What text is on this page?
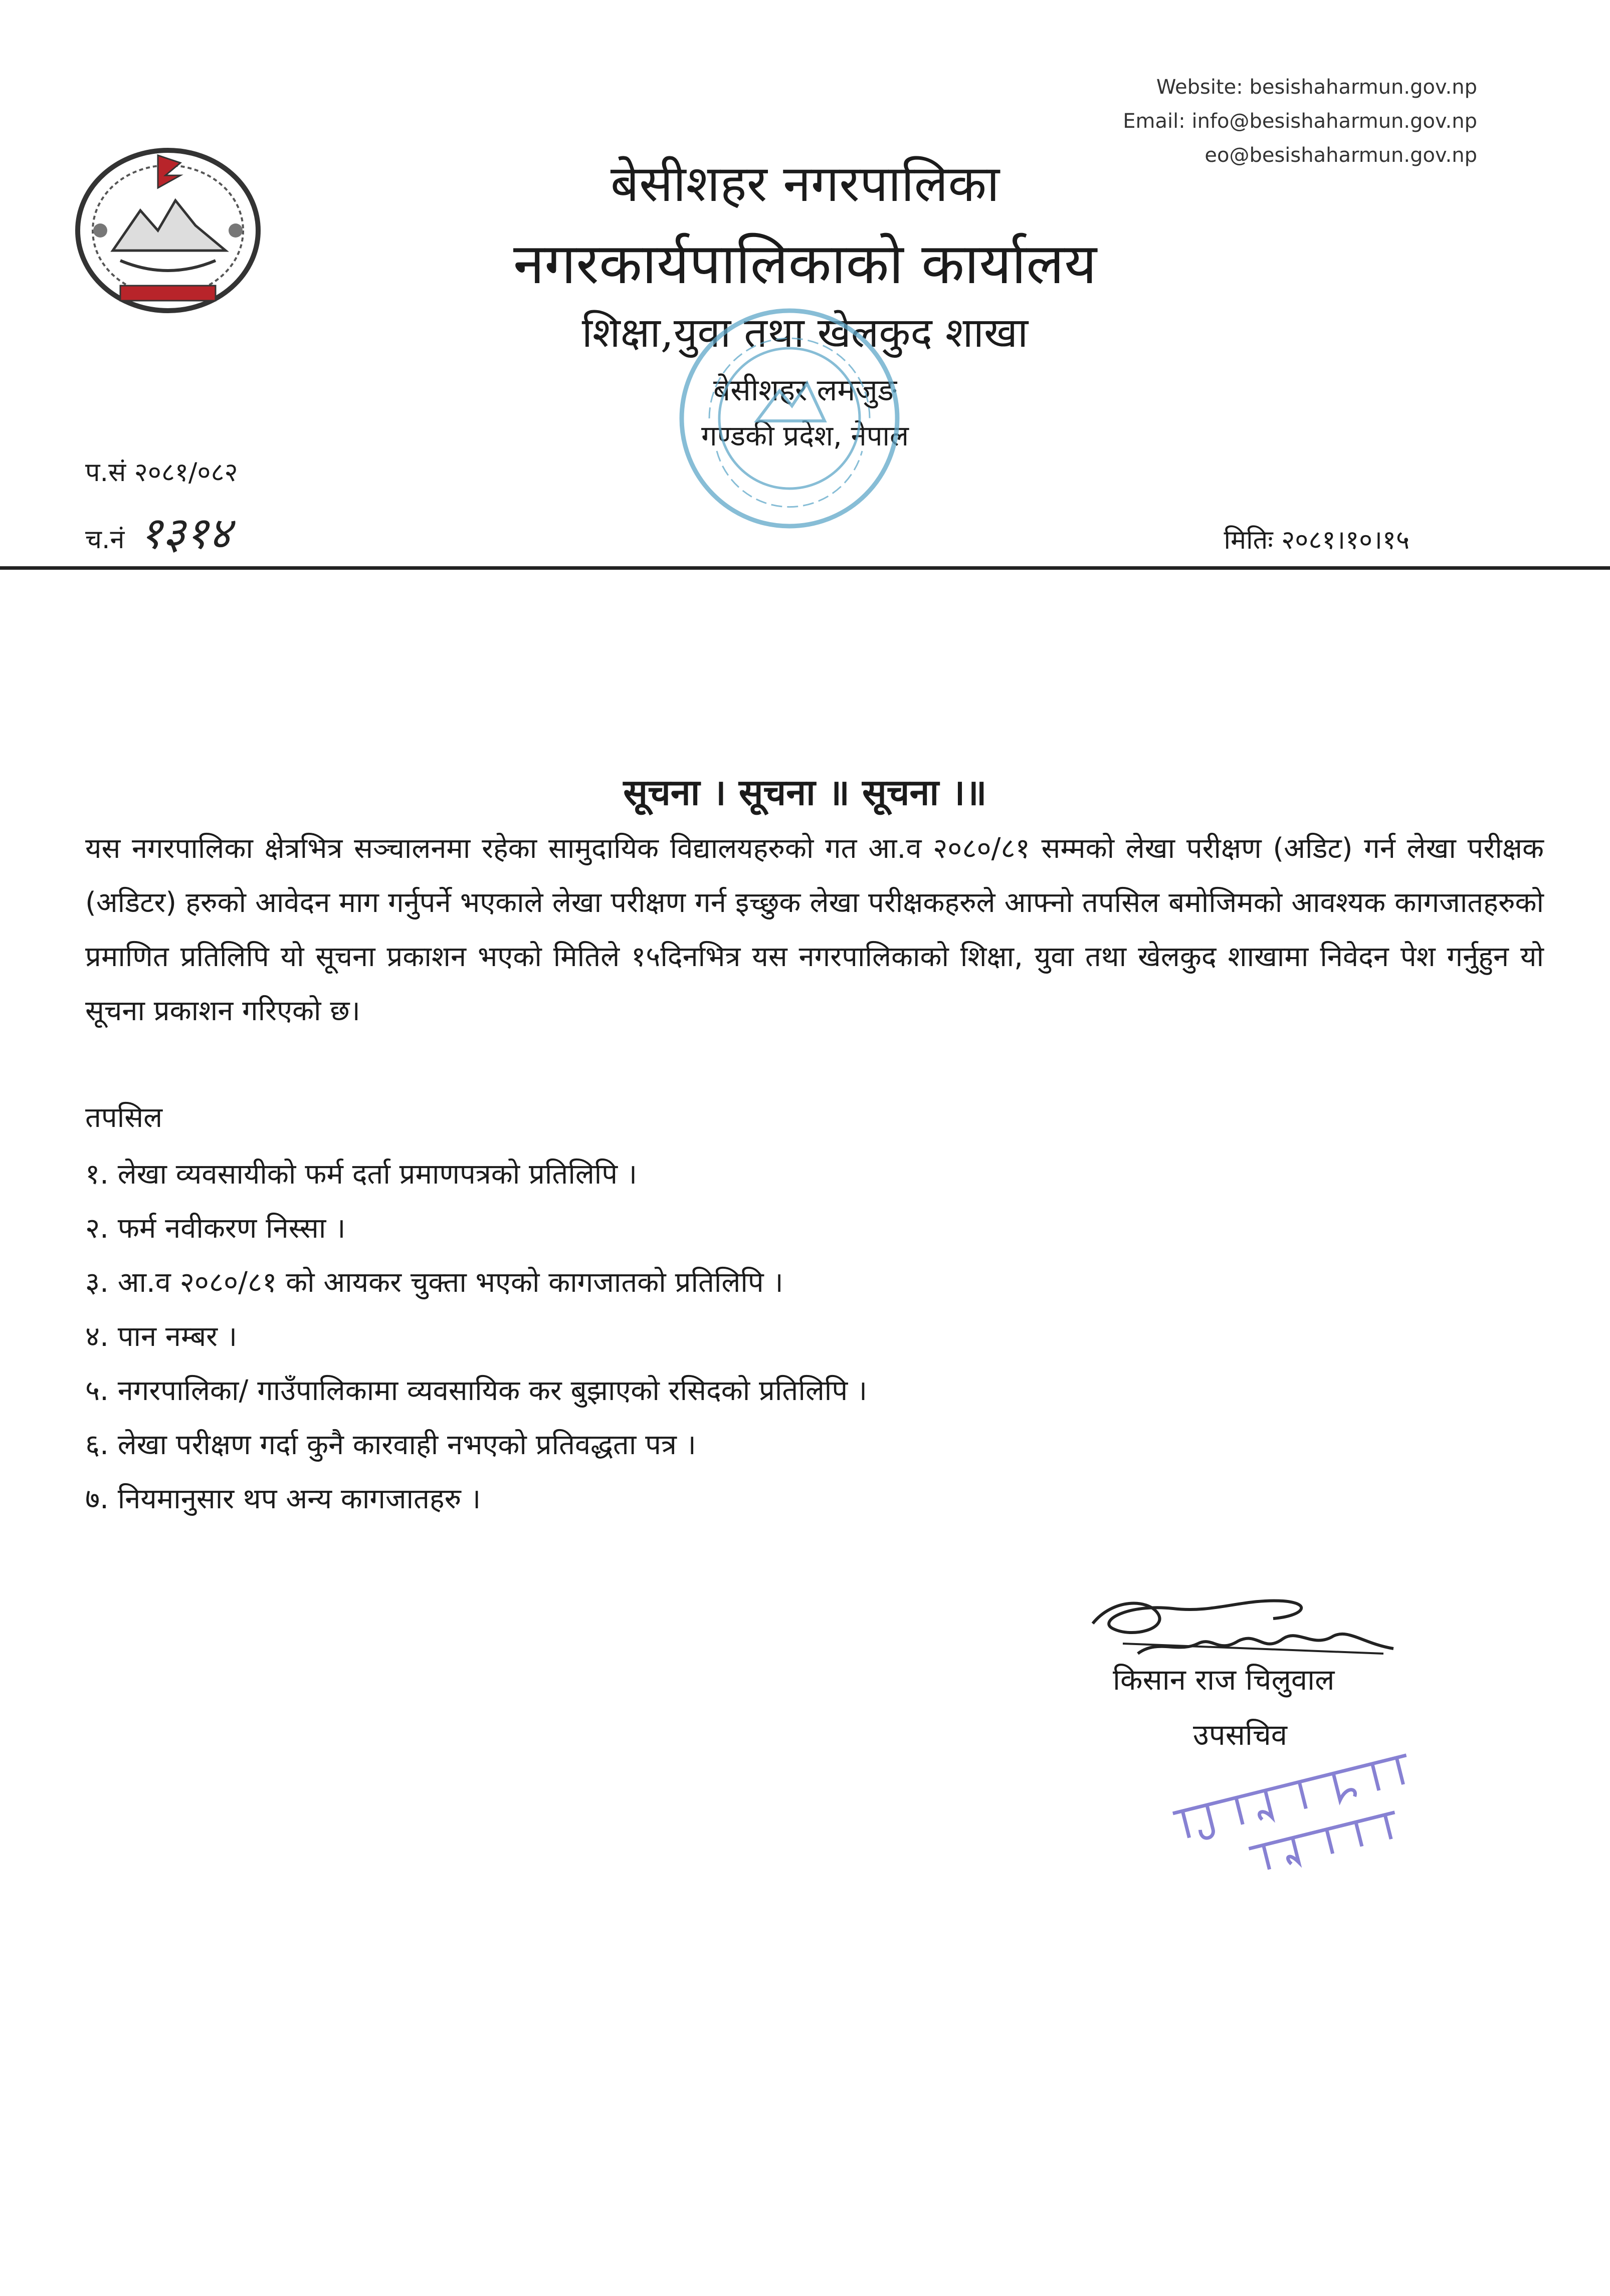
Website: besishaharmun.gov.np
Email: info@besishaharmun.gov.np
eo@besishaharmun.gov.np
बेसीशहर नगरपालिका
नगरकार्यपालिकाको कार्यालय
शिक्षा,युवा तथा खेलकुद शाखा
बेसीशहर लमजुङ
गण्डकी प्रदेश, नेपाल
प.सं २०८१/०८२
च.नं १३१४	मितिः २०८१।१०।१५
सूचना । सूचना ॥ सूचना ।॥
यस नगरपालिका क्षेत्रभित्र सञ्चालनमा रहेका सामुदायिक विद्यालयहरुको गत आ.व २०८०/८१ सम्मको लेखा परीक्षण (अडिट) गर्न लेखा परीक्षक (अडिटर) हरुको आवेदन माग गर्नुपर्ने भएकाले लेखा परीक्षण गर्न इच्छुक लेखा परीक्षकहरुले आफ्नो तपसिल बमोजिमको आवश्यक कागजातहरुको प्रमाणित प्रतिलिपि यो सूचना प्रकाशन भएको मितिले १५दिनभित्र यस नगरपालिकाको शिक्षा, युवा तथा खेलकुद शाखामा निवेदन पेश गर्नुहुन यो सूचना प्रकाशन गरिएको छ।
तपसिल
१. लेखा व्यवसायीको फर्म दर्ता प्रमाणपत्रको प्रतिलिपि ।
२. फर्म नवीकरण निस्सा ।
३. आ.व २०८०/८१ को आयकर चुक्ता भएको कागजातको प्रतिलिपि ।
४. पान नम्बर ।
५. नगरपालिका/ गाउँपालिकामा व्यवसायिक कर बुझाएको रसिदको प्रतिलिपि ।
६. लेखा परीक्षण गर्दा कुनै कारवाही नभएको प्रतिवद्धता पत्र ।
७. नियमानुसार थप अन्य कागजातहरु ।
किसान राज चिलुवाल
उपसचिव
